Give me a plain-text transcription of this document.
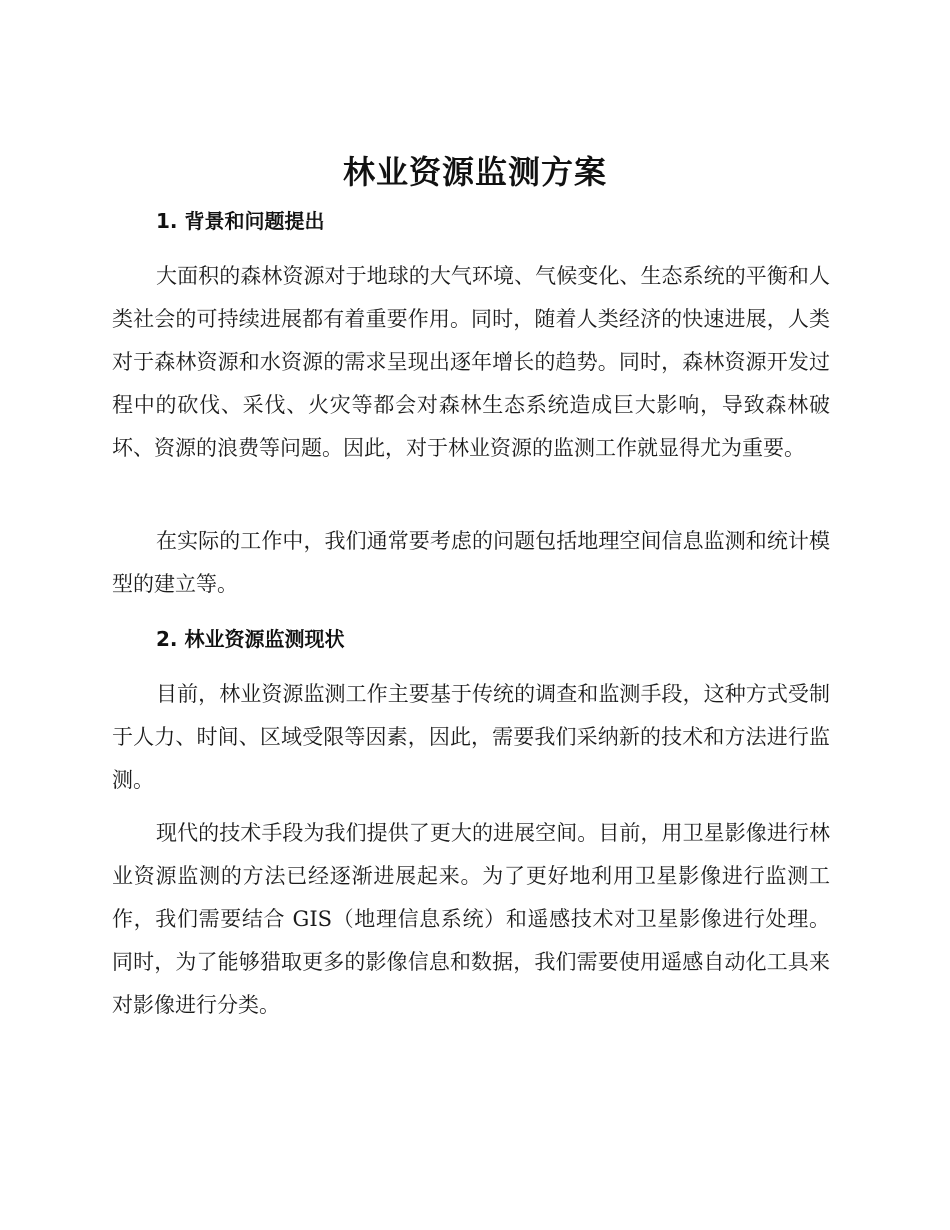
林业资源监测方案
1. 背景和问题提出
大面积的森林资源对于地球的大气环境、气候变化、生态系统的平衡和人类社会的可持续进展都有着重要作用。同时，随着人类经济的快速进展，人类对于森林资源和水资源的需求呈现出逐年增长的趋势。同时，森林资源开发过程中的砍伐、采伐、火灾等都会对森林生态系统造成巨大影响，导致森林破坏、资源的浪费等问题。因此，对于林业资源的监测工作就显得尤为重要。
在实际的工作中，我们通常要考虑的问题包括地理空间信息监测和统计模型的建立等。
2. 林业资源监测现状
目前，林业资源监测工作主要基于传统的调查和监测手段，这种方式受制于人力、时间、区域受限等因素，因此，需要我们采纳新的技术和方法进行监测。
现代的技术手段为我们提供了更大的进展空间。目前，用卫星影像进行林业资源监测的方法已经逐渐进展起来。为了更好地利用卫星影像进行监测工作，我们需要结合 GIS（地理信息系统）和遥感技术对卫星影像进行处理。同时，为了能够猎取更多的影像信息和数据，我们需要使用遥感自动化工具来对影像进行分类。
